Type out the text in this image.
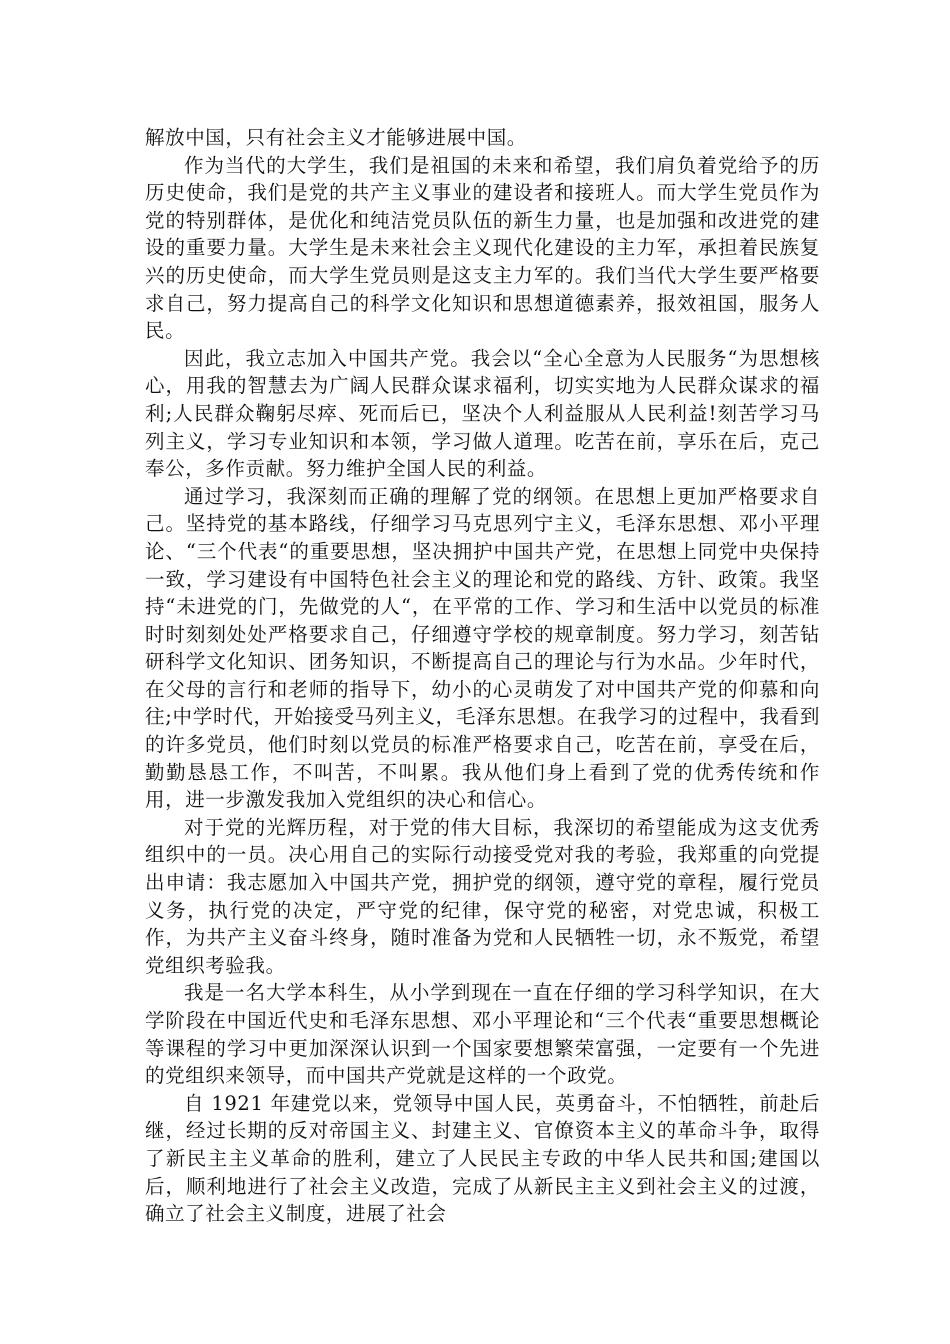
解放中国，只有社会主义才能够进展中国。

作为当代的大学生，我们是祖国的未来和希望，我们肩负着党给予的历历史使命，我们是党的共产主义事业的建设者和接班人。而大学生党员作为党的特别群体，是优化和纯洁党员队伍的新生力量，也是加强和改进党的建设的重要力量。大学生是未来社会主义现代化建设的主力军，承担着民族复兴的历史使命，而大学生党员则是这支主力军的。我们当代大学生要严格要求自己，努力提高自己的科学文化知识和思想道德素养，报效祖国，服务人民。

因此，我立志加入中国共产党。我会以“全心全意为人民服务“为思想核心，用我的智慧去为广阔人民群众谋求福利，切实实地为人民群众谋求的福利;人民群众鞠躬尽瘁、死而后已，坚决个人利益服从人民利益!刻苦学习马列主义，学习专业知识和本领，学习做人道理。吃苦在前，享乐在后，克己奉公，多作贡献。努力维护全国人民的利益。

通过学习，我深刻而正确的理解了党的纲领。在思想上更加严格要求自己。坚持党的基本路线，仔细学习马克思列宁主义，毛泽东思想、邓小平理论、“三个代表“的重要思想，坚决拥护中国共产党，在思想上同党中央保持一致，学习建设有中国特色社会主义的理论和党的路线、方针、政策。我坚持“未进党的门，先做党的人“，在平常的工作、学习和生活中以党员的标准时时刻刻处处严格要求自己，仔细遵守学校的规章制度。努力学习，刻苦钻研科学文化知识、团务知识，不断提高自己的理论与行为水品。少年时代，在父母的言行和老师的指导下，幼小的心灵萌发了对中国共产党的仰慕和向往;中学时代，开始接受马列主义，毛泽东思想。在我学习的过程中，我看到的许多党员，他们时刻以党员的标准严格要求自己，吃苦在前，享受在后，勤勤恳恳工作，不叫苦，不叫累。我从他们身上看到了党的优秀传统和作用，进一步激发我加入党组织的决心和信心。

对于党的光辉历程，对于党的伟大目标，我深切的希望能成为这支优秀组织中的一员。决心用自己的实际行动接受党对我的考验，我郑重的向党提出申请：我志愿加入中国共产党，拥护党的纲领，遵守党的章程，履行党员义务，执行党的决定，严守党的纪律，保守党的秘密，对党忠诚，积极工作，为共产主义奋斗终身，随时准备为党和人民牺牲一切，永不叛党，希望党组织考验我。

我是一名大学本科生，从小学到现在一直在仔细的学习科学知识，在大学阶段在中国近代史和毛泽东思想、邓小平理论和“三个代表“重要思想概论等课程的学习中更加深深认识到一个国家要想繁荣富强，一定要有一个先进的党组织来领导，而中国共产党就是这样的一个政党。

自 1921 年建党以来，党领导中国人民，英勇奋斗，不怕牺牲，前赴后继，经过长期的反对帝国主义、封建主义、官僚资本主义的革命斗争，取得了新民主主义革命的胜利，建立了人民民主专政的中华人民共和国;建国以后，顺利地进行了社会主义改造，完成了从新民主主义到社会主义的过渡，确立了社会主义制度，进展了社会
